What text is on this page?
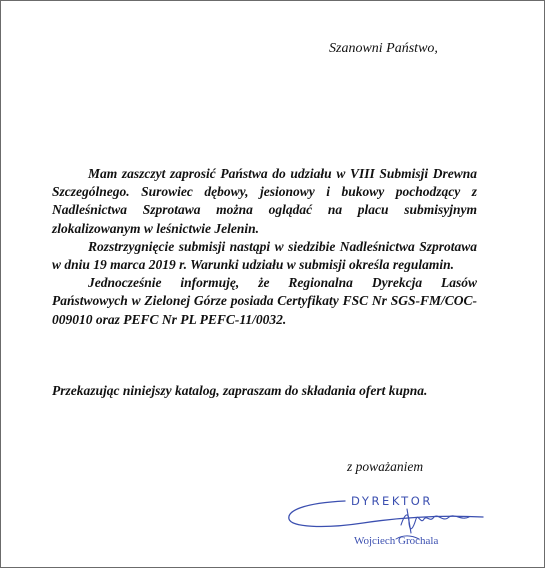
Szanowni Państwo,

Mam zaszczyt zaprosić Państwa do udziału w VIII Submisji Drewna Szczególnego. Surowiec dębowy, jesionowy i bukowy pochodzący z Nadleśnictwa Szprotawa można oglądać na placu submisyjnym zlokalizowanym w leśnictwie Jelenin.

Rozstrzygnięcie submisji nastąpi w siedzibie Nadleśnictwa Szprotawa w dniu 19 marca 2019 r. Warunki udziału w submisji określa regulamin.

Jednocześnie informuję, że Regionalna Dyrekcja Lasów Państwowych w Zielonej Górze posiada Certyfikaty FSC Nr SGS-FM/COC-009010 oraz PEFC Nr PL PEFC-11/0032.

Przekazując niniejszy katalog, zapraszam do składania ofert kupna.
z poważaniem
DYREKTOR
Wojciech Grochala
